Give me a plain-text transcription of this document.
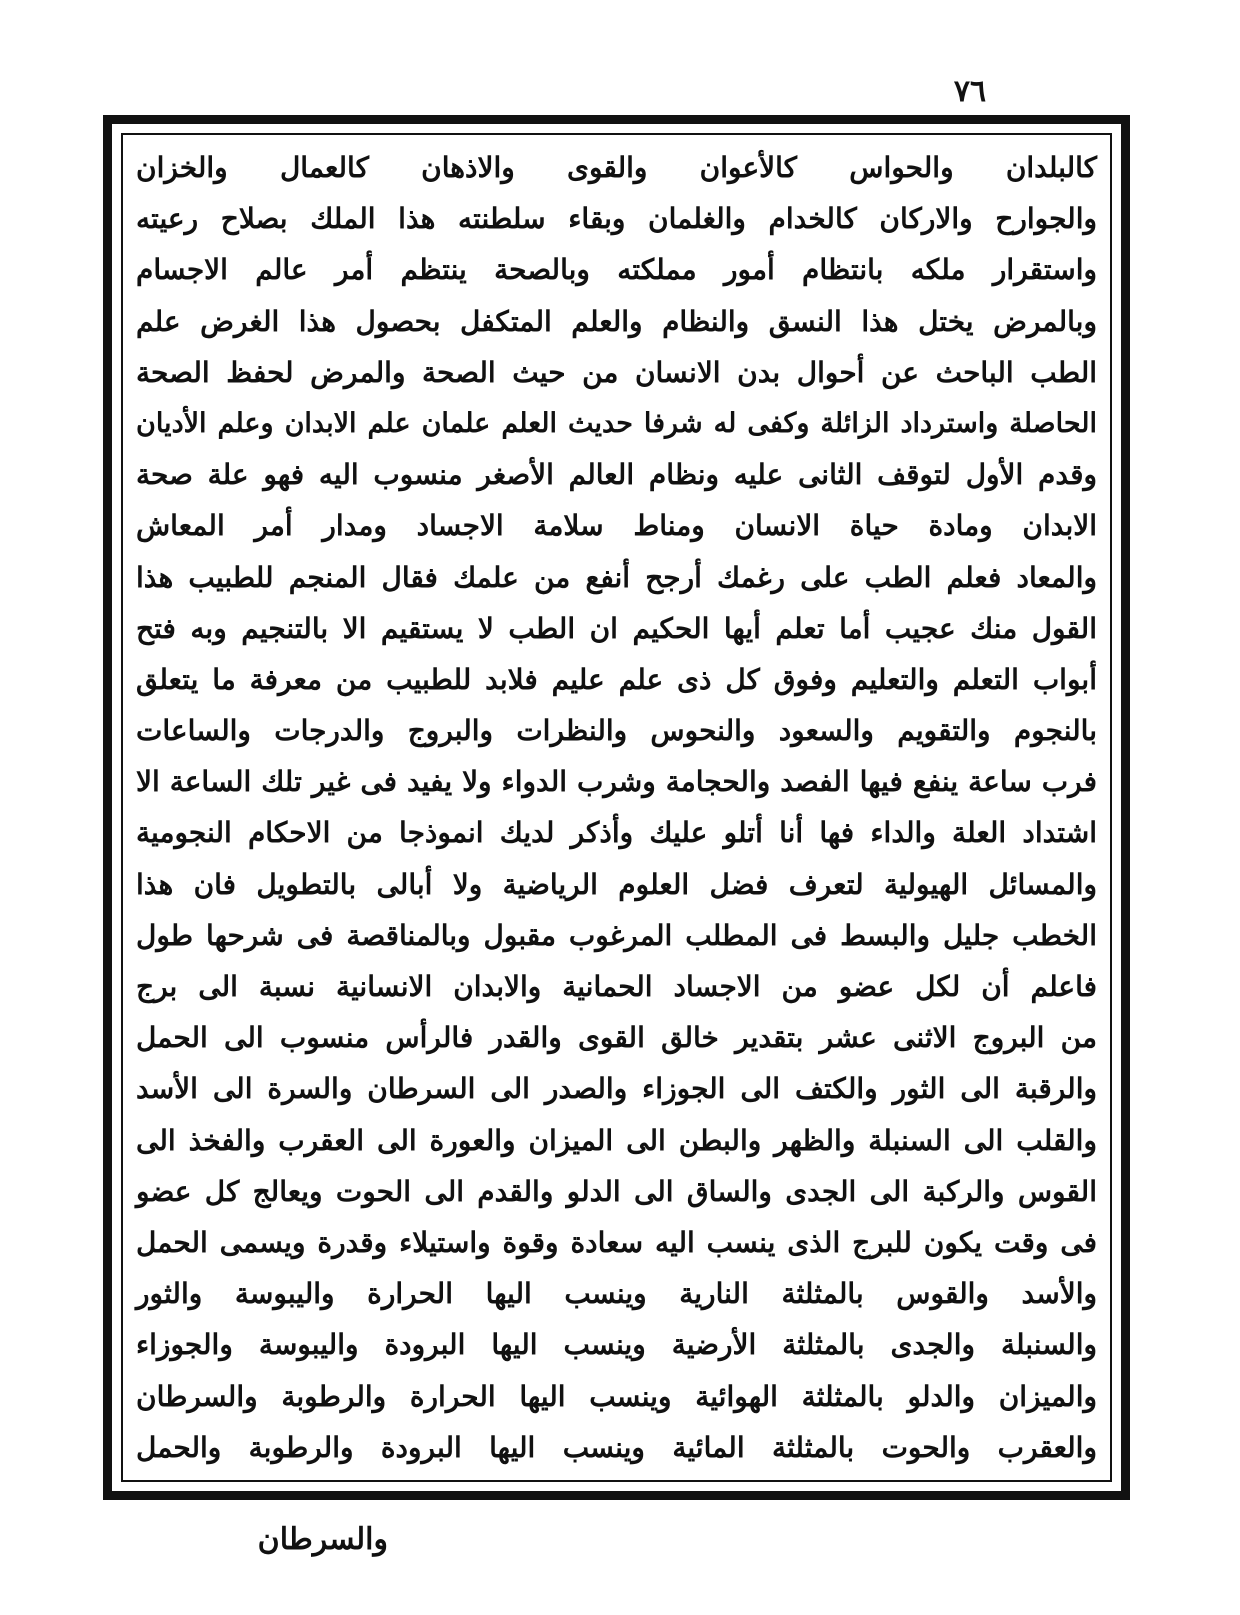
٧٦
كالبلدان والحواس كالأعوان والقوى والاذهان كالعمال والخزان
والجوارح والاركان كالخدام والغلمان وبقاء سلطنته هذا الملك بصلاح رعيته
واستقرار ملكه بانتظام أمور مملكته وبالصحة ينتظم أمر عالم الاجسام
وبالمرض يختل هذا النسق والنظام والعلم المتكفل بحصول هذا الغرض علم
الطب الباحث عن أحوال بدن الانسان من حيث الصحة والمرض لحفظ الصحة
الحاصلة واسترداد الزائلة وكفى له شرفا حديث العلم علمان علم الابدان وعلم الأديان
وقدم الأول لتوقف الثانى عليه ونظام العالم الأصغر منسوب اليه فهو علة صحة
الابدان ومادة حياة الانسان ومناط سلامة الاجساد ومدار أمر المعاش
والمعاد فعلم الطب على رغمك أرجح أنفع من علمك فقال المنجم للطبيب هذا
القول منك عجيب أما تعلم أيها الحكيم ان الطب لا يستقيم الا بالتنجيم وبه فتح
أبواب التعلم والتعليم وفوق كل ذى علم عليم فلابد للطبيب من معرفة ما يتعلق
بالنجوم والتقويم والسعود والنحوس والنظرات والبروج والدرجات والساعات
فرب ساعة ينفع فيها الفصد والحجامة وشرب الدواء ولا يفيد فى غير تلك الساعة الا
اشتداد العلة والداء فها أنا أتلو عليك وأذكر لديك انموذجا من الاحكام النجومية
والمسائل الهيولية لتعرف فضل العلوم الرياضية ولا أبالى بالتطويل فان هذا
الخطب جليل والبسط فى المطلب المرغوب مقبول وبالمناقصة فى شرحها طول
فاعلم أن لكل عضو من الاجساد الحمانية والابدان الانسانية نسبة الى برج
من البروج الاثنى عشر بتقدير خالق القوى والقدر فالرأس منسوب الى الحمل
والرقبة الى الثور والكتف الى الجوزاء والصدر الى السرطان والسرة الى الأسد
والقلب الى السنبلة والظهر والبطن الى الميزان والعورة الى العقرب والفخذ الى
القوس والركبة الى الجدى والساق الى الدلو والقدم الى الحوت ويعالج كل عضو
فى وقت يكون للبرج الذى ينسب اليه سعادة وقوة واستيلاء وقدرة ويسمى الحمل
والأسد والقوس بالمثلثة النارية وينسب اليها الحرارة واليبوسة والثور
والسنبلة والجدى بالمثلثة الأرضية وينسب اليها البرودة واليبوسة والجوزاء
والميزان والدلو بالمثلثة الهوائية وينسب اليها الحرارة والرطوبة والسرطان
والعقرب والحوت بالمثلثة المائية وينسب اليها البرودة والرطوبة والحمل
والسرطان
